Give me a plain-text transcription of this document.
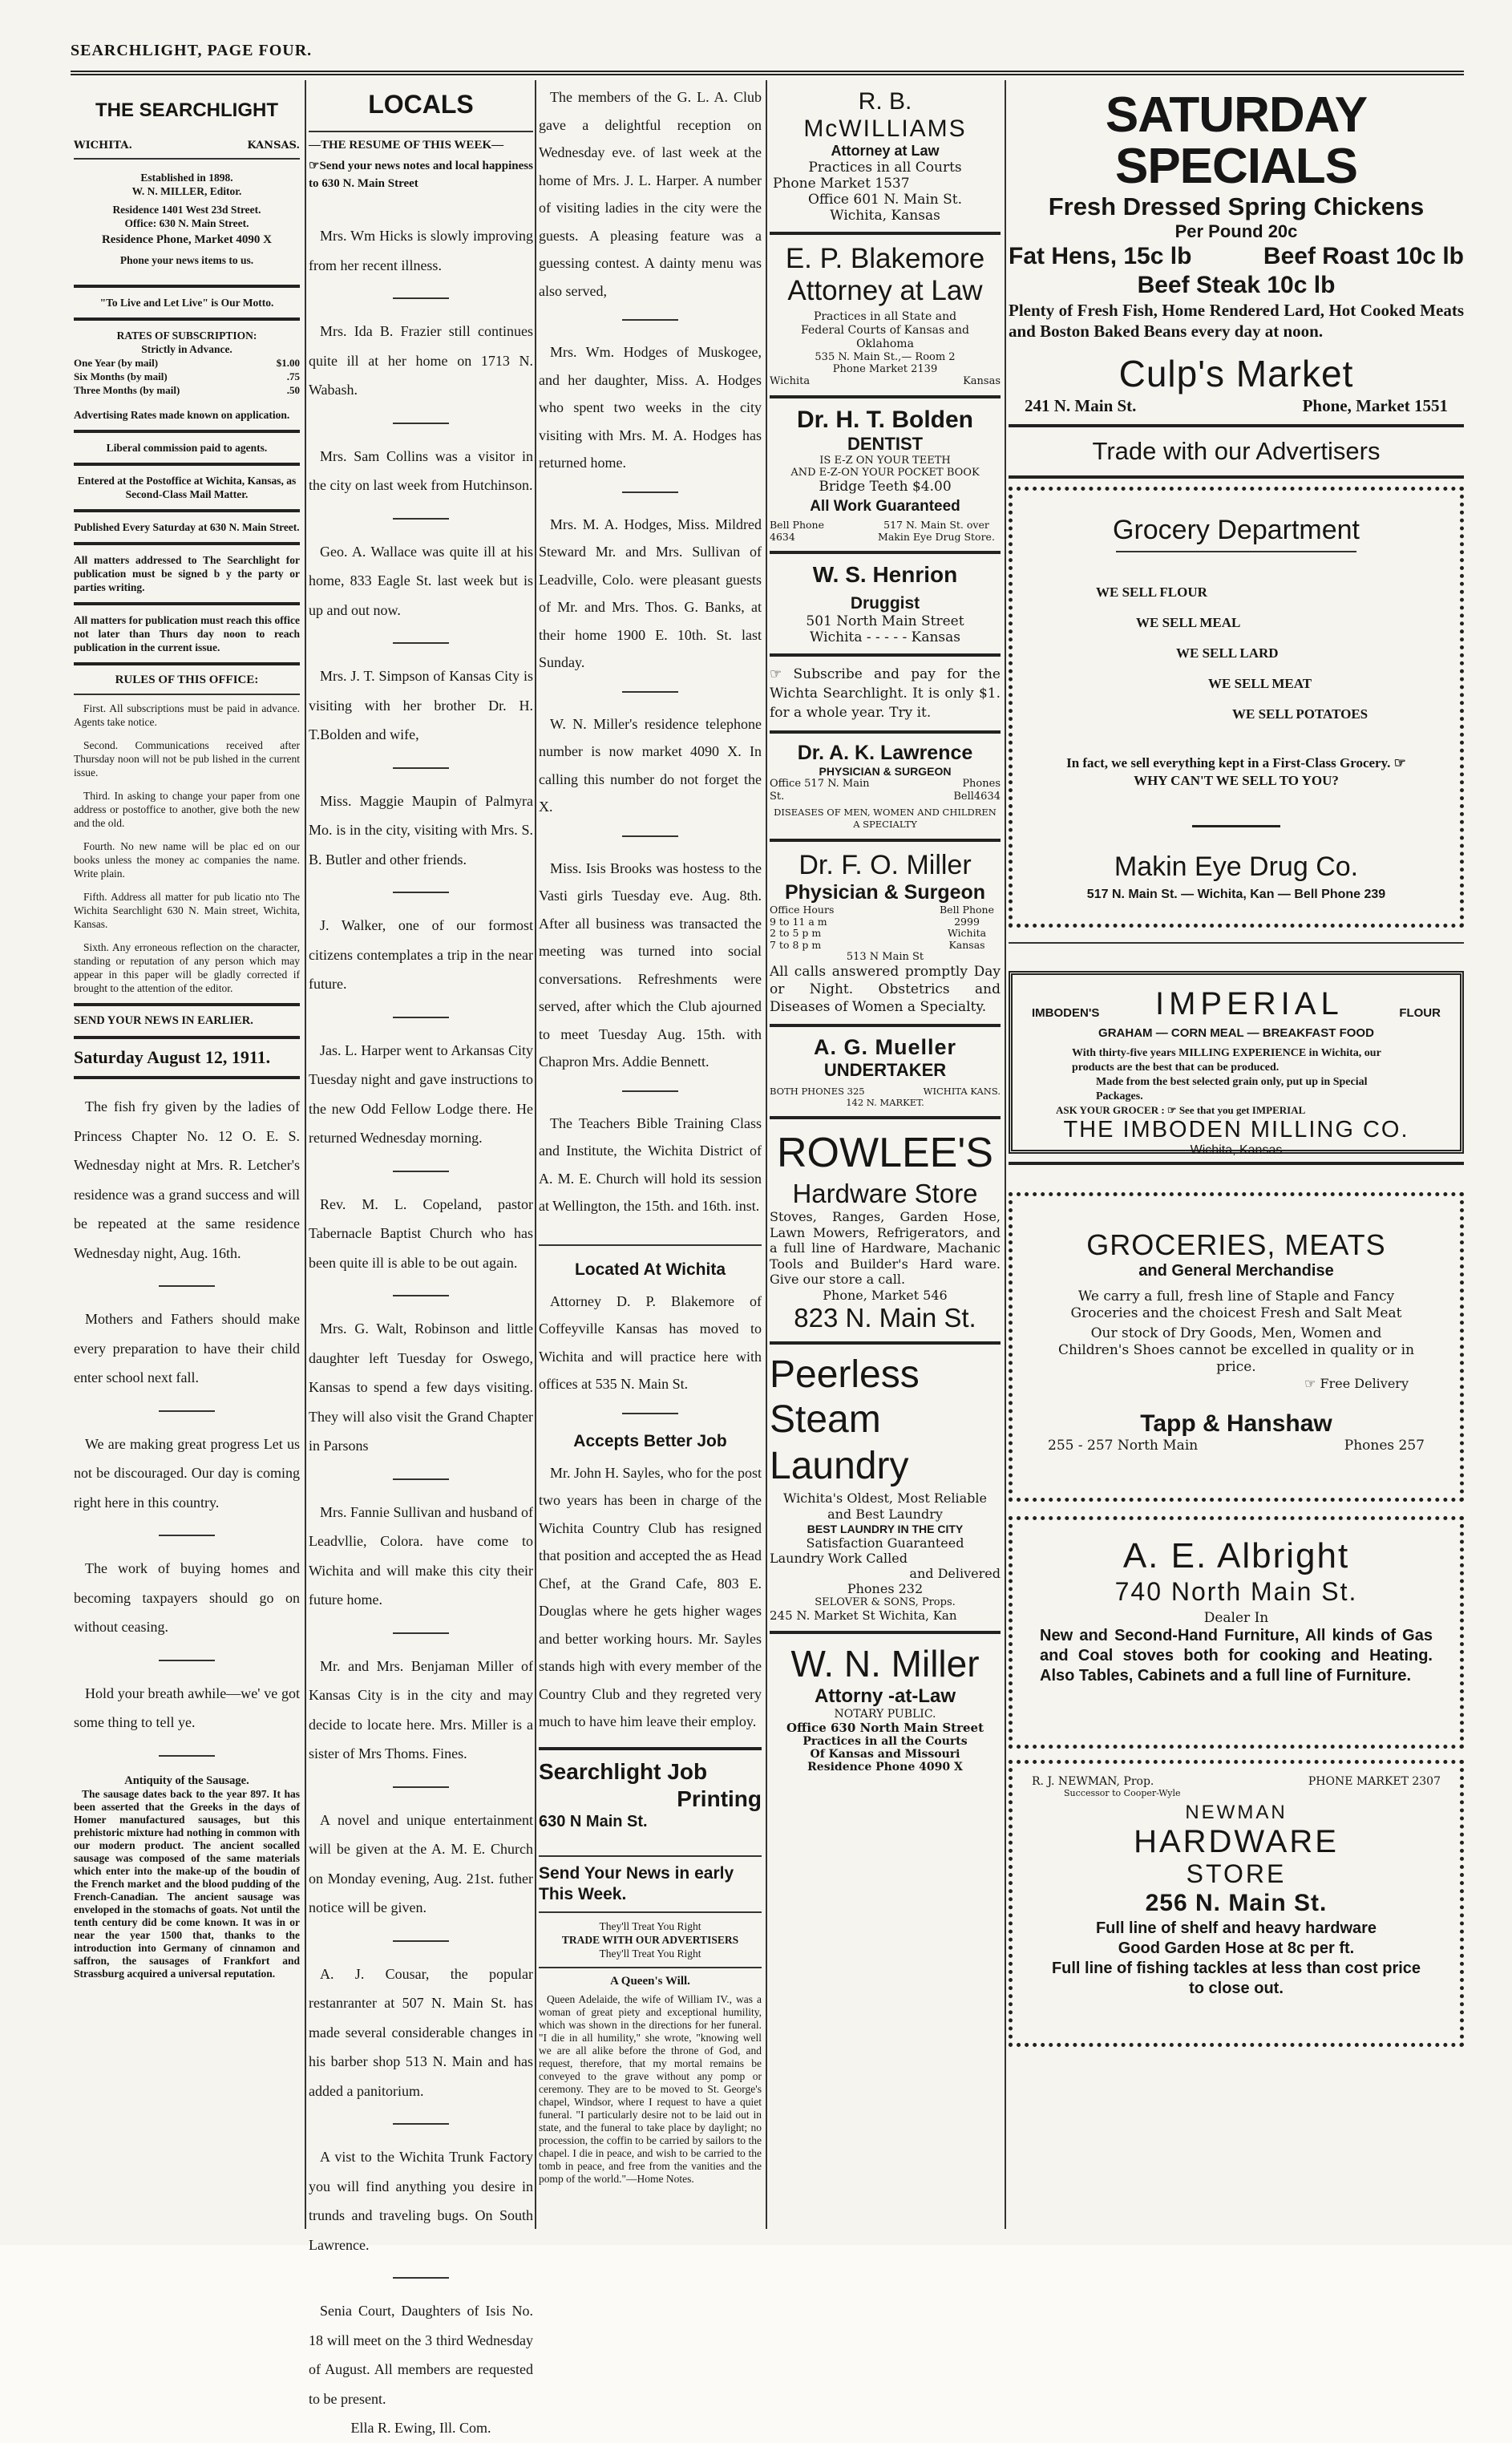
SEARCHLIGHT, PAGE FOUR.
THE SEARCHLIGHT
WICHITA.	KANSAS.

Established in 1898.

W. N. MILLER, Editor.

Residence 1401 West 23d Street.

Office: 630 N. Main Street.

Residence Phone, Market 4090 X

Phone your news items to us.

"To Live and Let Live" is Our Motto.

RATES OF SUBSCRIPTION:

Strictly in Advance.

One Year (by mail)	$1.00
Six Months (by mail)	.75
Three Months (by mail)	.50

Advertising Rates made known on application.

Liberal commission paid to agents.

Entered at the Postoffice at Wichita, Kansas, as Second-Class Mail Matter.

Published Every Saturday at 630 N. Main Street.

All matters addressed to The Searchlight for publication must be signed b y the party or parties writing.

All matters for publication must reach this office not later than Thurs day noon to reach publication in the current issue.

RULES OF THIS OFFICE:

First. All subscriptions must be paid in advance. Agents take notice.

Second. Communications received after Thursday noon will not be pub lished in the current issue.

Third. In asking to change your paper from one address or postoffice to another, give both the new and the old.

Fourth. No new name will be plac ed on our books unless the money ac companies the name. Write plain.

Fifth. Address all matter for pub licatio nto The Wichita Searchlight 630 N. Main street, Wichita, Kansas.

Sixth. Any erroneous reflection on the character, standing or reputation of any person which may appear in this paper will be gladly corrected if brought to the attention of the editor.

SEND YOUR NEWS IN EARLIER.

Saturday August 12, 1911.

The fish fry given by the ladies of Princess Chapter No. 12 O. E. S. Wednesday night at Mrs. R. Letcher's residence was a grand success and will be repeated at the same residence Wednesday night, Aug. 16th.

Mothers and Fathers should make every preparation to have their child enter school next fall.

We are making great progress Let us not be discouraged. Our day is coming right here in this country.

The work of buying homes and becoming taxpayers should go on without ceasing.

Hold your breath awhile—we' ve got some thing to tell ye.

Antiquity of the Sausage.

The sausage dates back to the year 897. It has been asserted that the Greeks in the days of Homer manufactured sausages, but this prehistoric mixture had nothing in common with our modern product. The ancient socalled sausage was composed of the same materials which enter into the make-up of the boudin of the French market and the blood pudding of the French-Canadian. The ancient sausage was enveloped in the stomachs of goats. Not until the tenth century did be come known. It was in or near the year 1500 that, thanks to the introduction into Germany of cinnamon and saffron, the sausages of Frankfort and Strassburg acquired a universal reputation.

LOCALS

—THE RESUME OF THIS WEEK—

☞Send your news notes and local happiness to 630 N. Main Street

Mrs. Wm Hicks is slowly improving from her recent illness.

Mrs. Ida B. Frazier still continues quite ill at her home on 1713 N. Wabash.

Mrs. Sam Collins was a visitor in the city on last week from Hutchinson.

Geo. A. Wallace was quite ill at his home, 833 Eagle St. last week but is up and out now.

Mrs. J. T. Simpson of Kansas City is visiting with her brother Dr. H. T.Bolden and wife,

Miss. Maggie Maupin of Palmyra Mo. is in the city, visiting with Mrs. S. B. Butler and other friends.

J. Walker, one of our formost citizens contemplates a trip in the near future.

Jas. L. Harper went to Arkansas City Tuesday night and gave instructions to the new Odd Fellow Lodge there. He returned Wednesday morning.

Rev. M. L. Copeland, pastor Tabernacle Baptist Church who has been quite ill is able to be out again.

Mrs. G. Walt, Robinson and little daughter left Tuesday for Oswego, Kansas to spend a few days visiting. They will also visit the Grand Chapter in Parsons

Mrs. Fannie Sullivan and husband of Leadvllie, Colora. have come to Wichita and will make this city their future home.

Mr. and Mrs. Benjaman Miller of Kansas City is in the city and may decide to locate here. Mrs. Miller is a sister of Mrs Thoms. Fines.

A novel and unique entertainment will be given at the A. M. E. Church on Monday evening, Aug. 21st. futher notice will be given.

A. J. Cousar, the popular restanranter at 507 N. Main St. has made several considerable changes in his barber shop 513 N. Main and has added a panitorium.

A vist to the Wichita Trunk Factory you will find anything you desire in trunds and traveling bugs. On South Lawrence.

Senia Court, Daughters of Isis No. 18 will meet on the 3 third Wednesday of August. All members are requested to be present.

Ella R. Ewing, Ill. Com.

The members of the G. L. A. Club gave a delightful reception on Wednesday eve. of last week at the home of Mrs. J. L. Harper. A number of visiting ladies in the city were the guests. A pleasing feature was a guessing contest. A dainty menu was also served,

Mrs. Wm. Hodges of Muskogee, and her daughter, Miss. A. Hodges who spent two weeks in the city visiting with Mrs. M. A. Hodges has returned home.

Mrs. M. A. Hodges, Miss. Mildred Steward Mr. and Mrs. Sullivan of Leadville, Colo. were pleasant guests of Mr. and Mrs. Thos. G. Banks, at their home 1900 E. 10th. St. last Sunday.

W. N. Miller's residence telephone number is now market 4090 X. In calling this number do not forget the X.

Miss. Isis Brooks was hostess to the Vasti girls Tuesday eve. Aug. 8th. After all business was transacted the meeting was turned into social conversations. Refreshments were served, after which the Club ajourned to meet Tuesday Aug. 15th. with Chapron Mrs. Addie Bennett.

The Teachers Bible Training Class and Institute, the Wichita District of A. M. E. Church will hold its session at Wellington, the 15th. and 16th. inst.

Located At Wichita

Attorney D. P. Blakemore of Coffeyville Kansas has moved to Wichita and will practice here with offices at 535 N. Main St.

Accepts Better Job

Mr. John H. Sayles, who for the post two years has been in charge of the Wichita Country Club has resigned that position and accepted the as Head Chef, at the Grand Cafe, 803 E. Douglas where he gets higher wages and better working hours. Mr. Sayles stands high with every member of the Country Club and they regreted very much to have him leave their employ.

Searchlight Job

Printing

630 N Main St.

Send Your News in early This Week.

They'll Treat You Right

TRADE WITH OUR ADVERTISERS

They'll Treat You Right

A Queen's Will.

Queen Adelaide, the wife of William IV., was a woman of great piety and exceptional humility, which was shown in the directions for her funeral. "I die in all humility," she wrote, "knowing well we are all alike before the throne of God, and request, therefore, that my mortal remains be conveyed to the grave without any pomp or ceremony. They are to be moved to St. George's chapel, Windsor, where I request to have a quiet funeral. "I particularly desire not to be laid out in state, and the funeral to take place by daylight; no procession, the coffin to be carried by sailors to the chapel. I die in peace, and wish to be carried to the tomb in peace, and free from the vanities and the pomp of the world."—Home Notes.

R. B.

McWILLIAMS

Attorney at Law

Practices in all Courts

Phone Market 1537

Office 601 N. Main St.

Wichita, Kansas

E. P. Blakemore

Attorney at Law

Practices in all State and Federal Courts of Kansas and Oklahoma

535 N. Main St.,— Room 2

Phone Market 2139

Wichita	Kansas

Dr. H. T. Bolden

DENTIST

IS E-Z ON YOUR TEETH

AND E-Z-ON YOUR POCKET BOOK

Bridge Teeth $4.00

All Work Guaranteed

Bell Phone 4634
517 N. Main St. over Makin Eye Drug Store.

W. S. Henrion

Druggist

501 North Main Street

Wichita - - - - - Kansas

☞ Subscribe and pay for the Wichta Searchlight. It is only $1. for a whole year. Try it.

Dr. A. K. Lawrence

PHYSICIAN & SURGEON

Office 517 N. Main St.
Phones Bell4634

DISEASES OF MEN, WOMEN AND CHILDREN A SPECIALTY

Dr. F. O. Miller

Physician & Surgeon

Office Hours

9 to 11 a m

2 to 5 p m

7 to 8 p m

Bell Phone 2999

Wichita Kansas

513 N Main St

All calls answered promptly Day or Night. Obstetrics and Diseases of Women a Specialty.

A. G. Mueller

UNDERTAKER

BOTH PHONES 325	WICHITA KANS.

142 N. MARKET.

ROWLEE'S

Hardware Store

Stoves, Ranges, Garden Hose, Lawn Mowers, Refrigerators, and a full line of Hardware, Machanic Tools and Builder's Hard ware. Give our store a call.

Phone, Market 546

823 N. Main St.

Peerless

Steam

Laundry

Wichita's Oldest, Most Reliable and Best Laundry

BEST LAUNDRY IN THE CITY

Satisfaction Guaranteed

Laundry Work Called

and Delivered

Phones 232

SELOVER & SONS, Props.

245 N. Market St Wichita, Kan

W. N. Miller

Attorny -at-Law

NOTARY PUBLIC.

Office 630 North Main Street

Practices in all the Courts

Of Kansas and Missouri

Residence Phone 4090 X

SATURDAY SPECIALS

Fresh Dressed Spring Chickens

Per Pound 20c

Fat Hens, 15c lb	Beef Roast 10c lb

Beef Steak 10c lb

Plenty of Fresh Fish, Home Rendered Lard, Hot Cooked Meats and Boston Baked Beans every day at noon.

Culp's Market

241 N. Main St.	Phone, Market 1551

Trade with our Advertisers

Grocery Department

WE SELL FLOUR

WE SELL MEAL

WE SELL LARD

WE SELL MEAT

WE SELL POTATOES

In fact, we sell everything kept in a First-Class Grocery. ☞ WHY CAN'T WE SELL TO YOU?

Makin Eye Drug Co.

517 N. Main St. — Wichita, Kan — Bell Phone 239

IMBODEN'S IMPERIAL	FLOUR

GRAHAM — CORN MEAL — BREAKFAST FOOD

With thirty-five years MILLING EXPERIENCE in Wichita, our products are the best that can be produced.

Made from the best selected grain only, put up in Special Packages.

ASK YOUR GROCER : ☞ See that you get IMPERIAL

THE IMBODEN MILLING CO.

Wichita, Kansas

GROCERIES, MEATS

and General Merchandise

We carry a full, fresh line of Staple and Fancy Groceries and the choicest Fresh and Salt Meat

Our stock of Dry Goods, Men, Women and Children's Shoes cannot be excelled in quality or in price.

☞ Free Delivery

Tapp & Hanshaw

255 - 257 North Main	Phones 257

A. E. Albright

740 North Main St.

Dealer In

New and Second-Hand Furniture, All kinds of Gas and Coal stoves both for cooking and Heating. Also Tables, Cabinets and a full line of Furniture.

R. J. NEWMAN, Prop.	PHONE MARKET 2307

Successor to Cooper-Wyle

NEWMAN

HARDWARE

STORE

256 N. Main St.

Full line of shelf and heavy hardware

Good Garden Hose at 8c per ft.

Full line of fishing tackles at less than cost price to close out.
